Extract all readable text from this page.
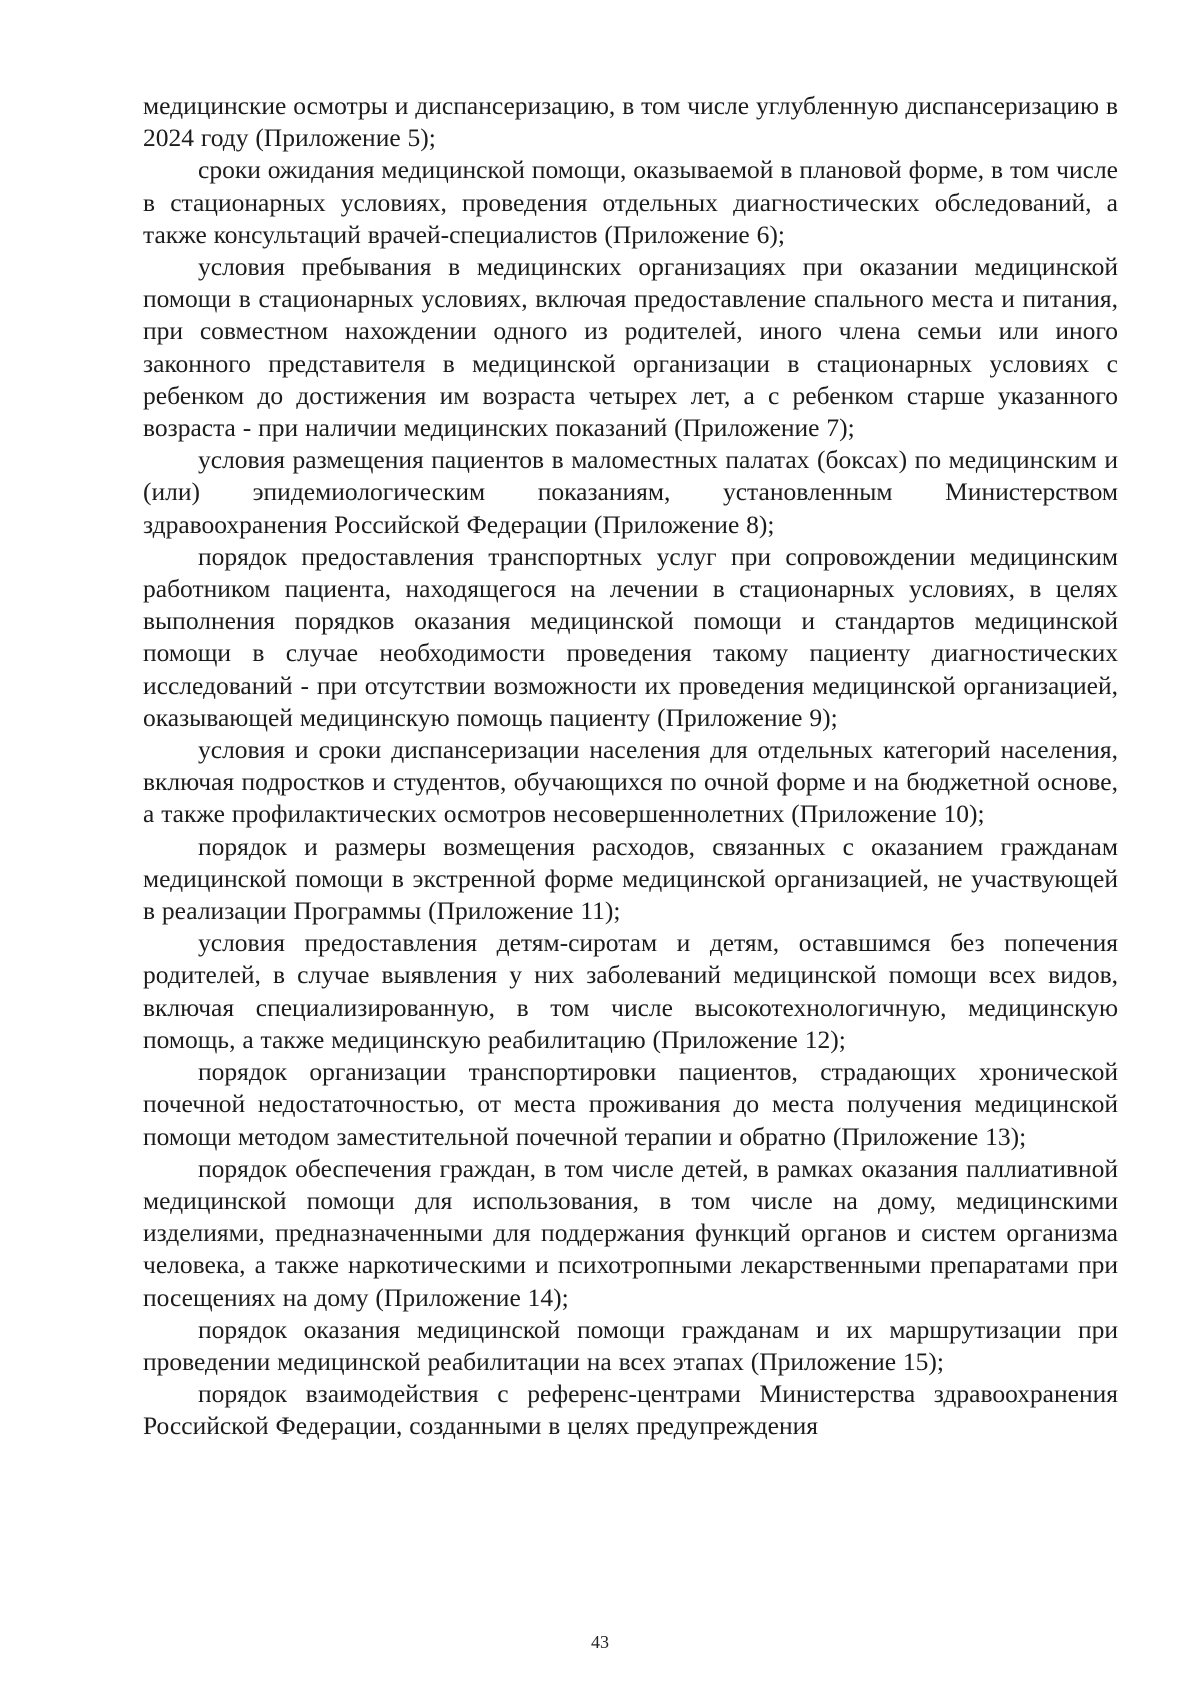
медицинские осмотры и диспансеризацию, в том числе углубленную диспансеризацию в 2024 году (Приложение 5);

сроки ожидания медицинской помощи, оказываемой в плановой форме, в том числе в стационарных условиях, проведения отдельных диагностических обследований, а также консультаций врачей-специалистов (Приложение 6);

условия пребывания в медицинских организациях при оказании медицинской помощи в стационарных условиях, включая предоставление спального места и питания, при совместном нахождении одного из родителей, иного члена семьи или иного законного представителя в медицинской организации в стационарных условиях с ребенком до достижения им возраста четырех лет, а с ребенком старше указанного возраста - при наличии медицинских показаний (Приложение 7);

условия размещения пациентов в маломестных палатах (боксах) по медицинским и (или) эпидемиологическим показаниям, установленным Министерством здравоохранения Российской Федерации (Приложение 8);

порядок предоставления транспортных услуг при сопровождении медицинским работником пациента, находящегося на лечении в стационарных условиях, в целях выполнения порядков оказания медицинской помощи и стандартов медицинской помощи в случае необходимости проведения такому пациенту диагностических исследований - при отсутствии возможности их проведения медицинской организацией, оказывающей медицинскую помощь пациенту (Приложение 9);

условия и сроки диспансеризации населения для отдельных категорий населения, включая подростков и студентов, обучающихся по очной форме и на бюджетной основе, а также профилактических осмотров несовершеннолетних (Приложение 10);

порядок и размеры возмещения расходов, связанных с оказанием гражданам медицинской помощи в экстренной форме медицинской организацией, не участвующей в реализации Программы (Приложение 11);

условия предоставления детям-сиротам и детям, оставшимся без попечения родителей, в случае выявления у них заболеваний медицинской помощи всех видов, включая специализированную, в том числе высокотехнологичную, медицинскую помощь, а также медицинскую реабилитацию (Приложение 12);

порядок организации транспортировки пациентов, страдающих хронической почечной недостаточностью, от места проживания до места получения медицинской помощи методом заместительной почечной терапии и обратно (Приложение 13);

порядок обеспечения граждан, в том числе детей, в рамках оказания паллиативной медицинской помощи для использования, в том числе на дому, медицинскими изделиями, предназначенными для поддержания функций органов и систем организма человека, а также наркотическими и психотропными лекарственными препаратами при посещениях на дому (Приложение 14);

порядок оказания медицинской помощи гражданам и их маршрутизации при проведении медицинской реабилитации на всех этапах (Приложение 15);

порядок взаимодействия с референс-центрами Министерства здравоохранения Российской Федерации, созданными в целях предупреждения

43
